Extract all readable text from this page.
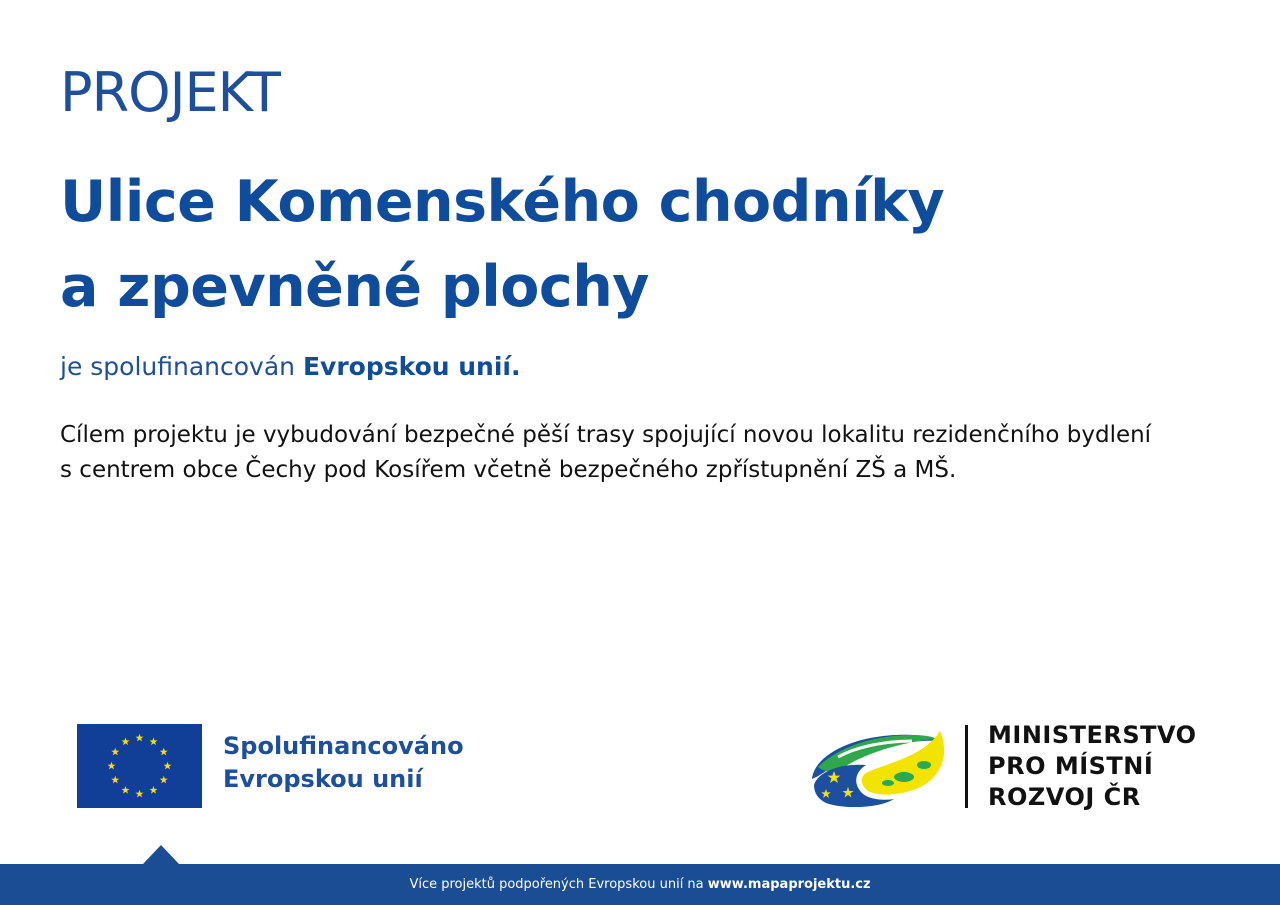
PROJEKT
Ulice Komenského chodníky
a zpevněné plochy
je spolufinancován Evropskou unií.

Cílem projektu je vybudování bezpečné pěší trasy spojující novou lokalitu rezidenčního bydlení
s centrem obce Čechy pod Kosířem včetně bezpečného zpřístupnění ZŠ a MŠ.

Spolufinancováno
Evropskou unií
MINISTERSTVO
PRO MÍSTNÍ
ROZVOJ ČR
Více projektů podpořených Evropskou unií na www.mapaprojektu.cz
